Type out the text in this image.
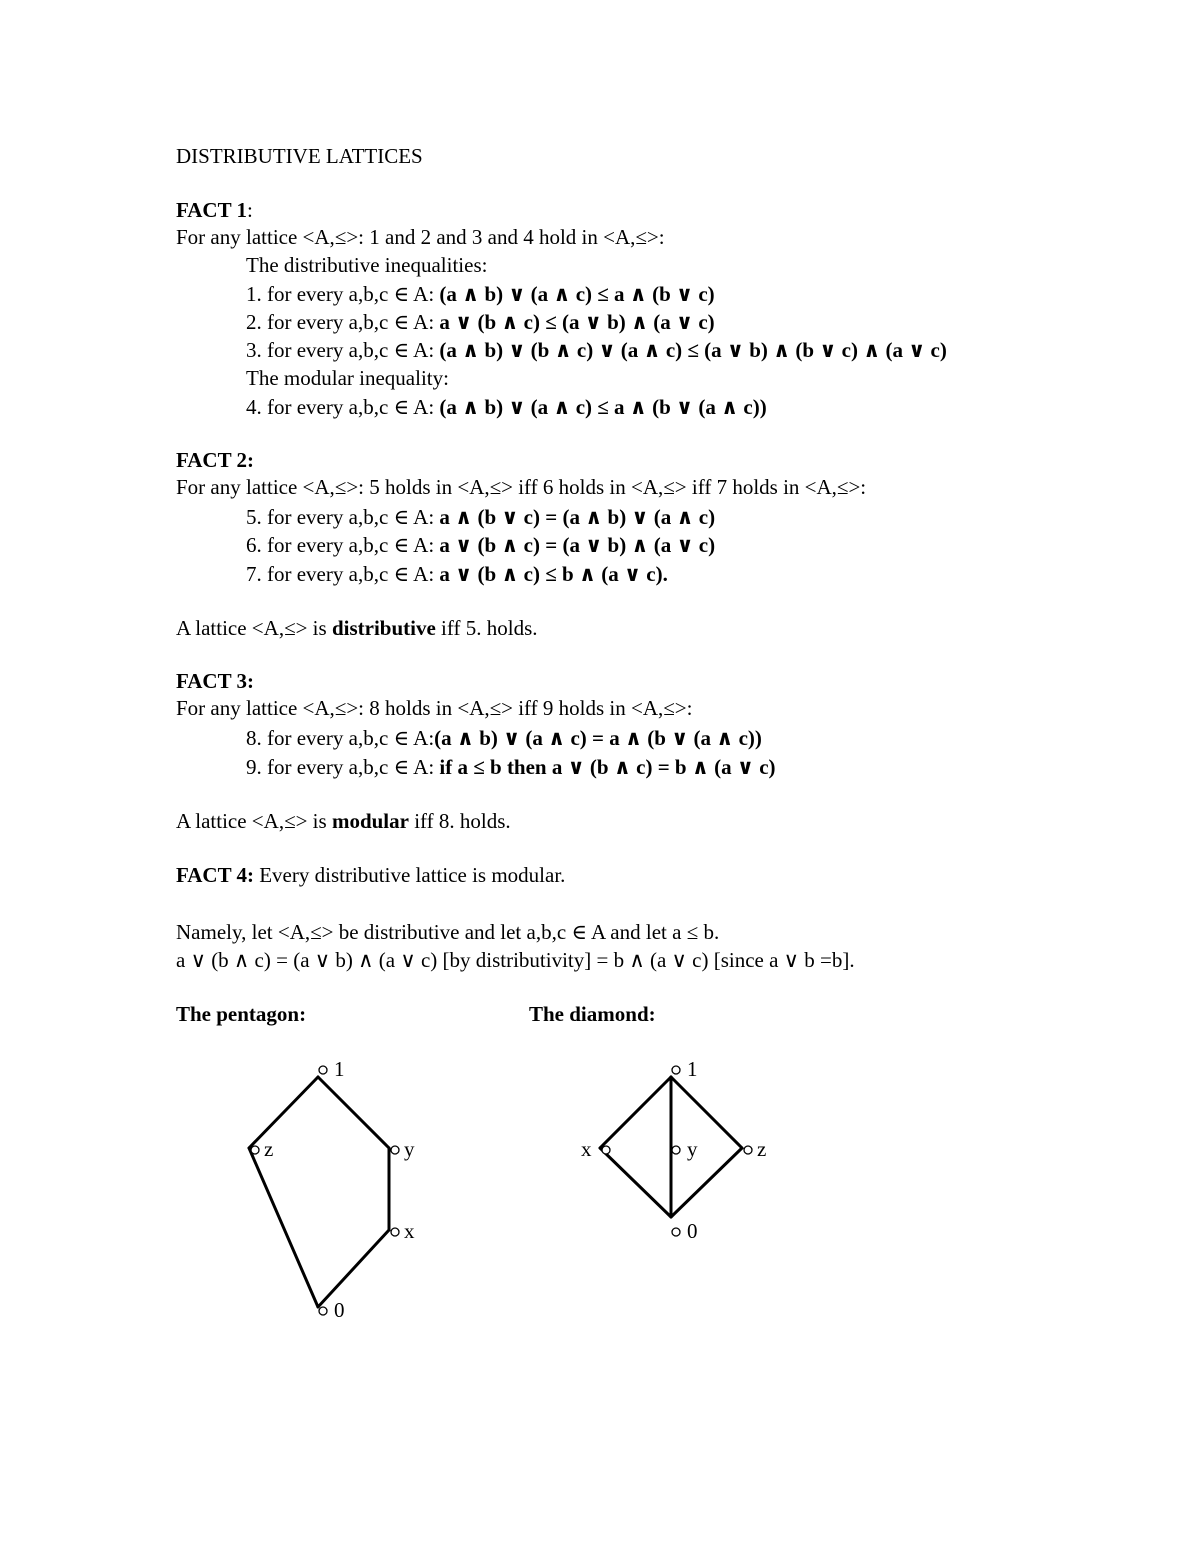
DISTRIBUTIVE LATTICES
FACT 1:
For any lattice <A,≤>: 1 and 2 and 3 and 4 hold in <A,≤>:
The distributive inequalities:
1. for every a,b,c ∈ A: (a ∧ b) ∨ (a ∧ c) ≤ a ∧ (b ∨ c)
2. for every a,b,c ∈ A: a ∨ (b ∧ c) ≤ (a ∨ b) ∧ (a ∨ c)
3. for every a,b,c ∈ A: (a ∧ b) ∨ (b ∧ c) ∨ (a ∧ c) ≤ (a ∨ b) ∧ (b ∨ c) ∧ (a ∨ c)
The modular inequality:
4. for every a,b,c ∈ A: (a ∧ b) ∨ (a ∧ c) ≤ a ∧ (b ∨ (a ∧ c))
FACT 2:
For any lattice <A,≤>: 5 holds in <A,≤> iff 6 holds in <A,≤> iff 7 holds in <A,≤>:
5. for every a,b,c ∈ A: a ∧ (b ∨ c) = (a ∧ b) ∨ (a ∧ c)
6. for every a,b,c ∈ A: a ∨ (b ∧ c) = (a ∨ b) ∧ (a ∨ c)
7. for every a,b,c ∈ A: a ∨ (b ∧ c) ≤ b ∧ (a ∨ c).
A lattice <A,≤> is distributive iff 5. holds.
FACT 3:
For any lattice <A,≤>: 8 holds in <A,≤> iff 9 holds in <A,≤>:
8. for every a,b,c ∈ A:(a ∧ b) ∨ (a ∧ c) = a ∧ (b ∨ (a ∧ c))
9. for every a,b,c ∈ A: if a ≤ b then a ∨ (b ∧ c) = b ∧ (a ∨ c)
A lattice <A,≤> is modular iff 8. holds.
FACT 4: Every distributive lattice is modular.
Namely, let <A,≤> be distributive and let a,b,c ∈ A and let a ≤ b.
a ∨ (b ∧ c) = (a ∨ b) ∧ (a ∨ c) [by distributivity] = b ∧ (a ∨ c) [since a ∨ b =b].
The pentagon:	The diamond:
1
z	y
x
0
1
x	y	z
0
